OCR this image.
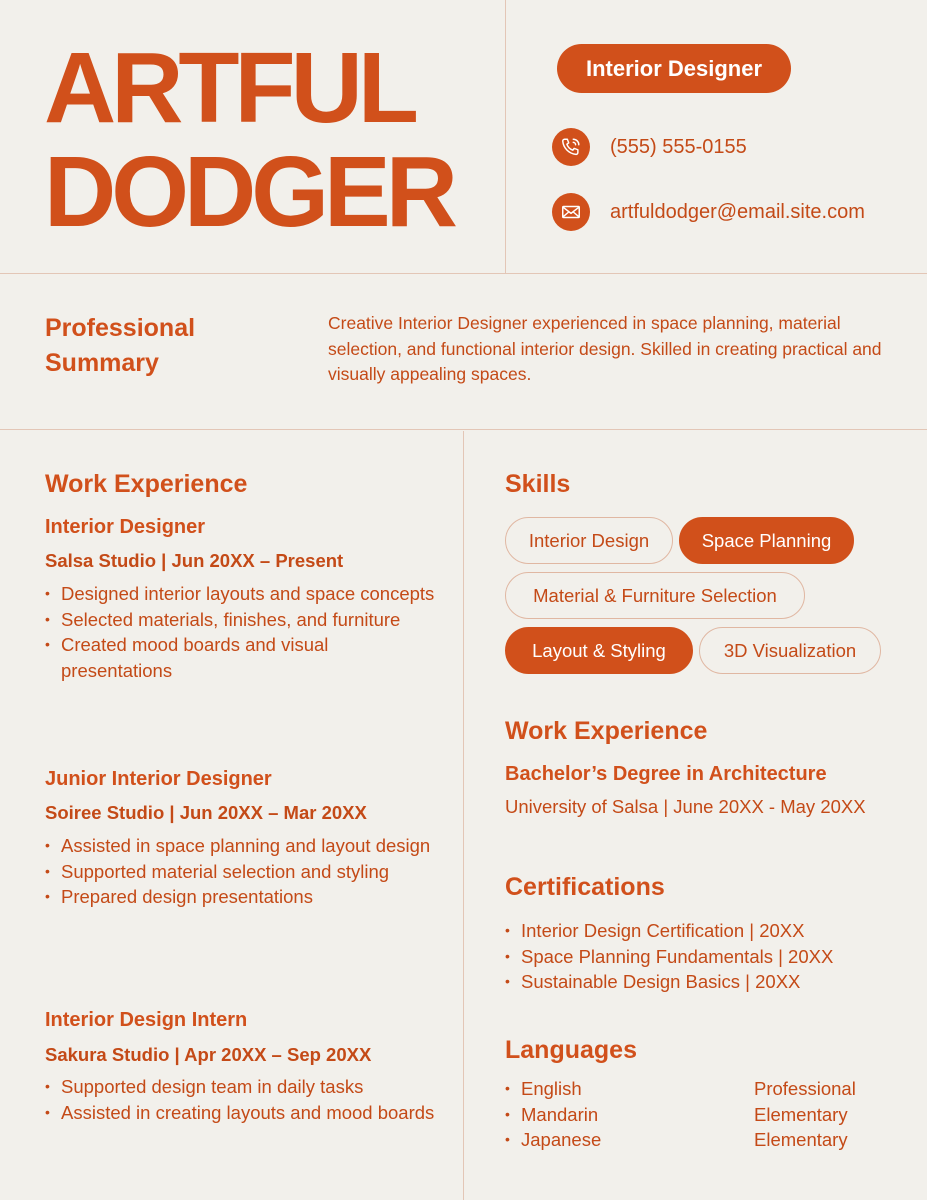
ARTFUL
DODGER
Interior Designer
(555) 555-0155
artfuldodger@email.site.com
Professional Summary

Creative Interior Designer experienced in space planning, material selection, and functional interior design. Skilled in creating practical and visually appealing spaces.

Work Experience
Interior Designer
Salsa Studio | Jun 20XX – Present
• Designed interior layouts and space concepts
• Selected materials, finishes, and furniture
• Created mood boards and visual presentations
Junior Interior Designer
Soiree Studio | Jun 20XX – Mar 20XX
• Assisted in space planning and layout design
• Supported material selection and styling
• Prepared design presentations
Interior Design Intern
Sakura Studio | Apr 20XX – Sep 20XX
• Supported design team in daily tasks
• Assisted in creating layouts and mood boards
Skills
Interior Design	Space Planning
Material & Furniture Selection
Layout & Styling	3D Visualization
Work Experience
Bachelor’s Degree in Architecture
University of Salsa | June 20XX - May 20XX
Certifications
• Interior Design Certification | 20XX
• Space Planning Fundamentals | 20XX
• Sustainable Design Basics | 20XX
Languages
• English	Professional
• Mandarin	Elementary
• Japanese	Elementary
